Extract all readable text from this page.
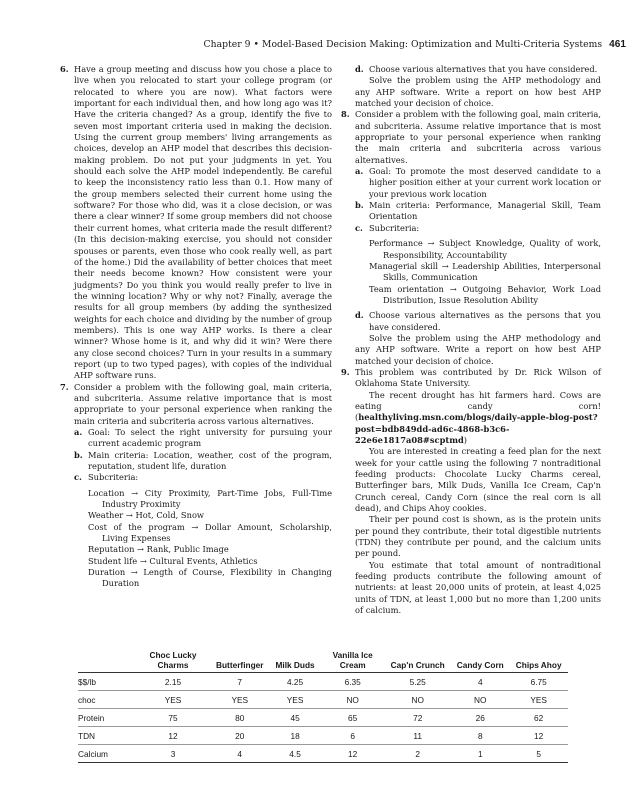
Chapter 9 • Model-Based Decision Making: Optimization and Multi-Criteria Systems 461
6. Have a group meeting and discuss how you chose a place to live when you relocated to start your college program (or relocated to where you are now). What factors were important for each individual then, and how long ago was it? Have the criteria changed? As a group, identify the five to seven most important criteria used in making the decision. Using the current group members' living arrangements as choices, develop an AHP model that describes this decision-making problem. Do not put your judgments in yet. You should each solve the AHP model independently. Be careful to keep the inconsistency ratio less than 0.1. How many of the group members selected their current home using the software? For those who did, was it a close decision, or was there a clear winner? If some group members did not choose their current homes, what criteria made the result different? (In this decision-making exercise, you should not consider spouses or parents, even those who cook really well, as part of the home.) Did the availability of better choices that meet their needs become known? How consistent were your judgments? Do you think you would really prefer to live in the winning location? Why or why not? Finally, average the results for all group members (by adding the synthesized weights for each choice and dividing by the number of group members). This is one way AHP works. Is there a clear winner? Whose home is it, and why did it win? Were there any close second choices? Turn in your results in a summary report (up to two typed pages), with copies of the individual AHP software runs.

7. Consider a problem with the following goal, main criteria, and subcriteria. Assume relative importance that is most appropriate to your personal experience when ranking the main criteria and subcriteria across various alternatives.

a. Goal: To select the right university for pursuing your current academic program

b. Main criteria: Location, weather, cost of the program, reputation, student life, duration

c. Subcriteria:

Location → City Proximity, Part-Time Jobs, Full-Time Industry Proximity

Weather → Hot, Cold, Snow

Cost of the program → Dollar Amount, Scholarship, Living Expenses

Reputation → Rank, Public Image

Student life → Cultural Events, Athletics

Duration → Length of Course, Flexibility in Changing Duration

d. Choose various alternatives that you have considered.

Solve the problem using the AHP methodology and any AHP software. Write a report on how best AHP matched your decision of choice.

8. Consider a problem with the following goal, main criteria, and subcriteria. Assume relative importance that is most appropriate to your personal experience when ranking the main criteria and subcriteria across various alternatives.

a. Goal: To promote the most deserved candidate to a higher position either at your current work location or your previous work location

b. Main criteria: Performance, Managerial Skill, Team Orientation

c. Subcriteria:

Performance → Subject Knowledge, Quality of work, Responsibility, Accountability

Managerial skill → Leadership Abilities, Interpersonal Skills, Communication

Team orientation → Outgoing Behavior, Work Load Distribution, Issue Resolution Ability

d. Choose various alternatives as the persons that you have considered.

Solve the problem using the AHP methodology and any AHP software. Write a report on how best AHP matched your decision of choice.

9. This problem was contributed by Dr. Rick Wilson of Oklahoma State University.

The recent drought has hit farmers hard. Cows are eating candy corn! (healthyliving.msn.com/blogs/daily-apple-blog-post?post=bdb849dd-ad6c-4868-b3c6-22e6e1817a08#scptmd)

You are interested in creating a feed plan for the next week for your cattle using the following 7 nontraditional feeding products: Chocolate Lucky Charms cereal, Butterfinger bars, Milk Duds, Vanilla Ice Cream, Cap'n Crunch cereal, Candy Corn (since the real corn is all dead), and Chips Ahoy cookies.

Their per pound cost is shown, as is the protein units per pound they contribute, their total digestible nutrients (TDN) they contribute per pound, and the calcium units per pound.

You estimate that total amount of nontraditional feeding products contribute the following amount of nutrients: at least 20,000 units of protein, at least 4,025 units of TDN, at least 1,000 but no more than 1,200 units of calcium.

	Choc Lucky Charms	Butterfinger	Milk Duds	Vanilla Ice Cream	Cap'n Crunch	Candy Corn	Chips Ahoy
$$/lb	2.15	7	4.25	6.35	5.25	4	6.75
choc	YES	YES	YES	NO	NO	NO	YES
Protein	75	80	45	65	72	26	62
TDN	12	20	18	6	11	8	12
Calcium	3	4	4.5	12	2	1	5
